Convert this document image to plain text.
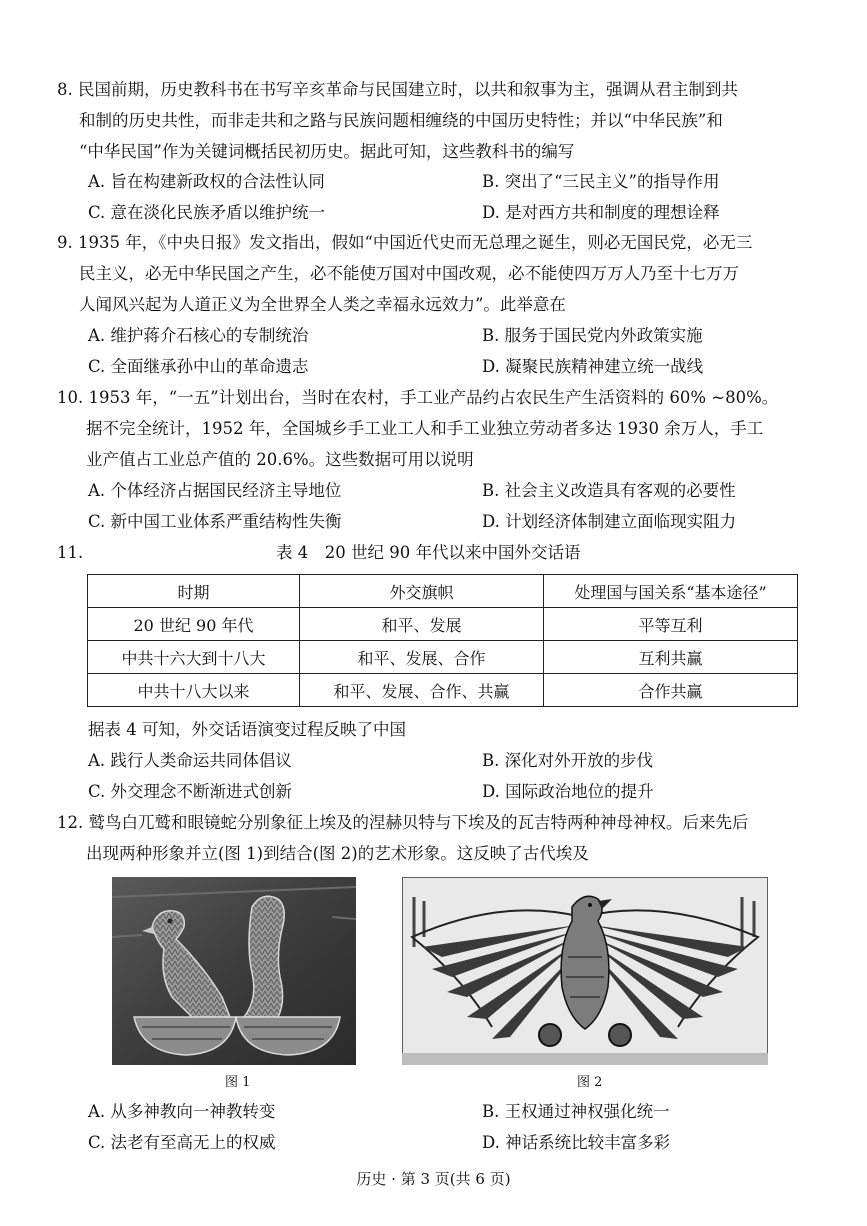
8. 民国前期，历史教科书在书写辛亥革命与民国建立时，以共和叙事为主，强调从君主制到共
和制的历史共性，而非走共和之路与民族问题相缠绕的中国历史特性；并以“中华民族”和
“中华民国”作为关键词概括民初历史。据此可知，这些教科书的编写
A. 旨在构建新政权的合法性认同	B. 突出了“三民主义”的指导作用
C. 意在淡化民族矛盾以维护统一	D. 是对西方共和制度的理想诠释
9. 1935 年，《中央日报》发文指出，假如“中国近代史而无总理之诞生，则必无国民党，必无三
民主义，必无中华民国之产生，必不能使万国对中国改观，必不能使四万万人乃至十七万万
人闻风兴起为人道正义为全世界全人类之幸福永远效力”。此举意在
A. 维护蒋介石核心的专制统治	B. 服务于国民党内外政策实施
C. 全面继承孙中山的革命遗志	D. 凝聚民族精神建立统一战线
10. 1953 年，“一五”计划出台，当时在农村，手工业产品约占农民生产生活资料的 60% ~80%。
据不完全统计，1952 年，全国城乡手工业工人和手工业独立劳动者多达 1930 余万人，手工
业产值占工业总产值的 20.6%。这些数据可用以说明
A. 个体经济占据国民经济主导地位	B. 社会主义改造具有客观的必要性
C. 新中国工业体系严重结构性失衡	D. 计划经济体制建立面临现实阻力
11.	表 4　20 世纪 90 年代以来中国外交话语
时期	外交旗帜	处理国与国关系“基本途径”
20 世纪 90 年代	和平、发展	平等互利
中共十六大到十八大	和平、发展、合作	互利共赢
中共十八大以来	和平、发展、合作、共赢	合作共赢
据表 4 可知，外交话语演变过程反映了中国
A. 践行人类命运共同体倡议	B. 深化对外开放的步伐
C. 外交理念不断渐进式创新	D. 国际政治地位的提升
12. 鹫鸟白兀鹫和眼镜蛇分别象征上埃及的涅赫贝特与下埃及的瓦吉特两种神母神权。后来先后
出现两种形象并立(图 1)到结合(图 2)的艺术形象。这反映了古代埃及
图 1	图 2
A. 从多神教向一神教转变	B. 王权通过神权强化统一
C. 法老有至高无上的权威	D. 神话系统比较丰富多彩
历史 · 第 3 页(共 6 页)
